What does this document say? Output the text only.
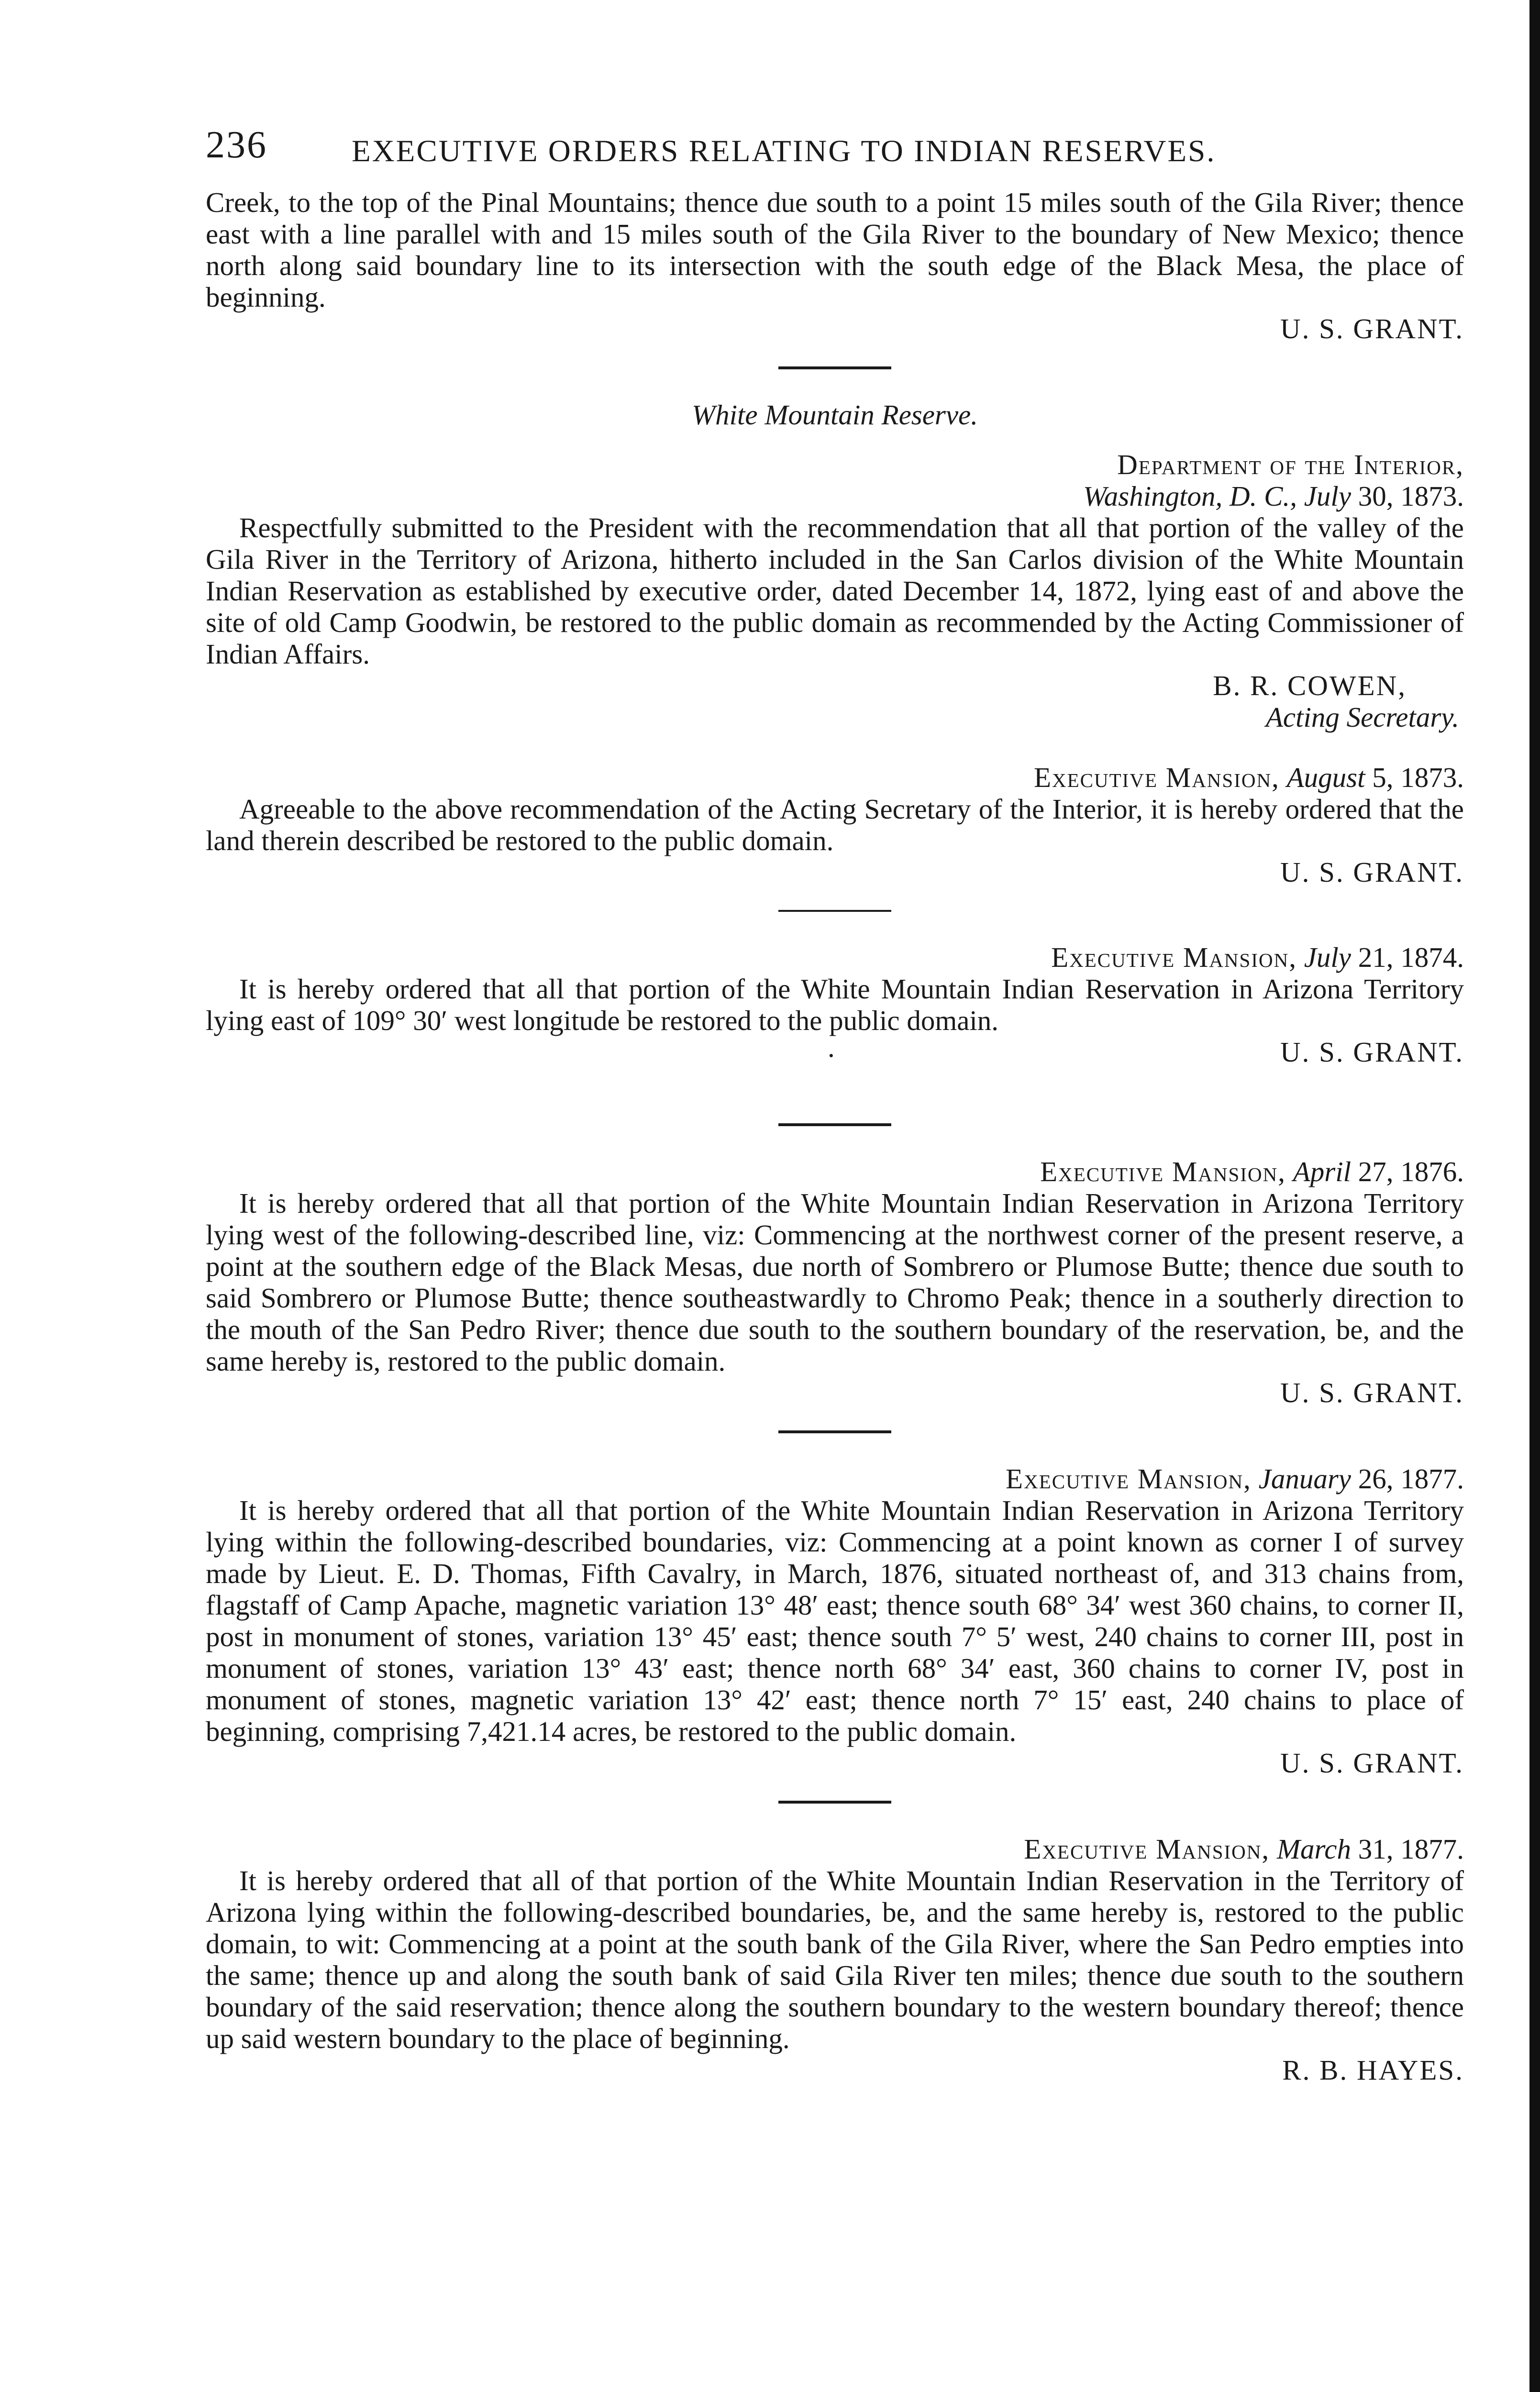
236	EXECUTIVE ORDERS RELATING TO INDIAN RESERVES.

Creek, to the top of the Pinal Mountains; thence due south to a point 15 miles south of the Gila River; thence east with a line parallel with and 15 miles south of the Gila River to the boundary of New Mexico; thence north along said boundary line to its intersection with the south edge of the Black Mesa, the place of beginning.

U. S. GRANT.

White Mountain Reserve.

Department of the Interior,

Washington, D. C., July 30, 1873.

Respectfully submitted to the President with the recommendation that all that portion of the valley of the Gila River in the Territory of Arizona, hitherto included in the San Carlos division of the White Mountain Indian Reservation as established by executive order, dated December 14, 1872, lying east of and above the site of old Camp Goodwin, be restored to the public domain as recommended by the Acting Commissioner of Indian Affairs.

B. R. COWEN,

Acting Secretary.

Executive Mansion, August 5, 1873.

Agreeable to the above recommendation of the Acting Secretary of the Interior, it is hereby ordered that the land therein described be restored to the public domain.

U. S. GRANT.

Executive Mansion, July 21, 1874.

It is hereby ordered that all that portion of the White Mountain Indian Reservation in Arizona Territory lying east of 109° 30′ west longitude be restored to the public domain.

.	U. S. GRANT.

Executive Mansion, April 27, 1876.

It is hereby ordered that all that portion of the White Mountain Indian Reservation in Arizona Territory lying west of the following-described line, viz: Commencing at the northwest corner of the present reserve, a point at the southern edge of the Black Mesas, due north of Sombrero or Plumose Butte; thence due south to said Sombrero or Plumose Butte; thence southeastwardly to Chromo Peak; thence in a southerly direction to the mouth of the San Pedro River; thence due south to the southern boundary of the reservation, be, and the same hereby is, restored to the public domain.

U. S. GRANT.

Executive Mansion, January 26, 1877.

It is hereby ordered that all that portion of the White Mountain Indian Reservation in Arizona Territory lying within the following-described boundaries, viz: Commencing at a point known as corner I of survey made by Lieut. E. D. Thomas, Fifth Cavalry, in March, 1876, situated northeast of, and 313 chains from, flagstaff of Camp Apache, magnetic variation 13° 48′ east; thence south 68° 34′ west 360 chains, to corner II, post in monument of stones, variation 13° 45′ east; thence south 7° 5′ west, 240 chains to corner III, post in monument of stones, variation 13° 43′ east; thence north 68° 34′ east, 360 chains to corner IV, post in monument of stones, magnetic variation 13° 42′ east; thence north 7° 15′ east, 240 chains to place of beginning, comprising 7,421.14 acres, be restored to the public domain.

U. S. GRANT.

Executive Mansion, March 31, 1877.

It is hereby ordered that all of that portion of the White Mountain Indian Reservation in the Territory of Arizona lying within the following-described boundaries, be, and the same hereby is, restored to the public domain, to wit: Commencing at a point at the south bank of the Gila River, where the San Pedro empties into the same; thence up and along the south bank of said Gila River ten miles; thence due south to the southern boundary of the said reservation; thence along the southern boundary to the western boundary thereof; thence up said western boundary to the place of beginning.

R. B. HAYES.
